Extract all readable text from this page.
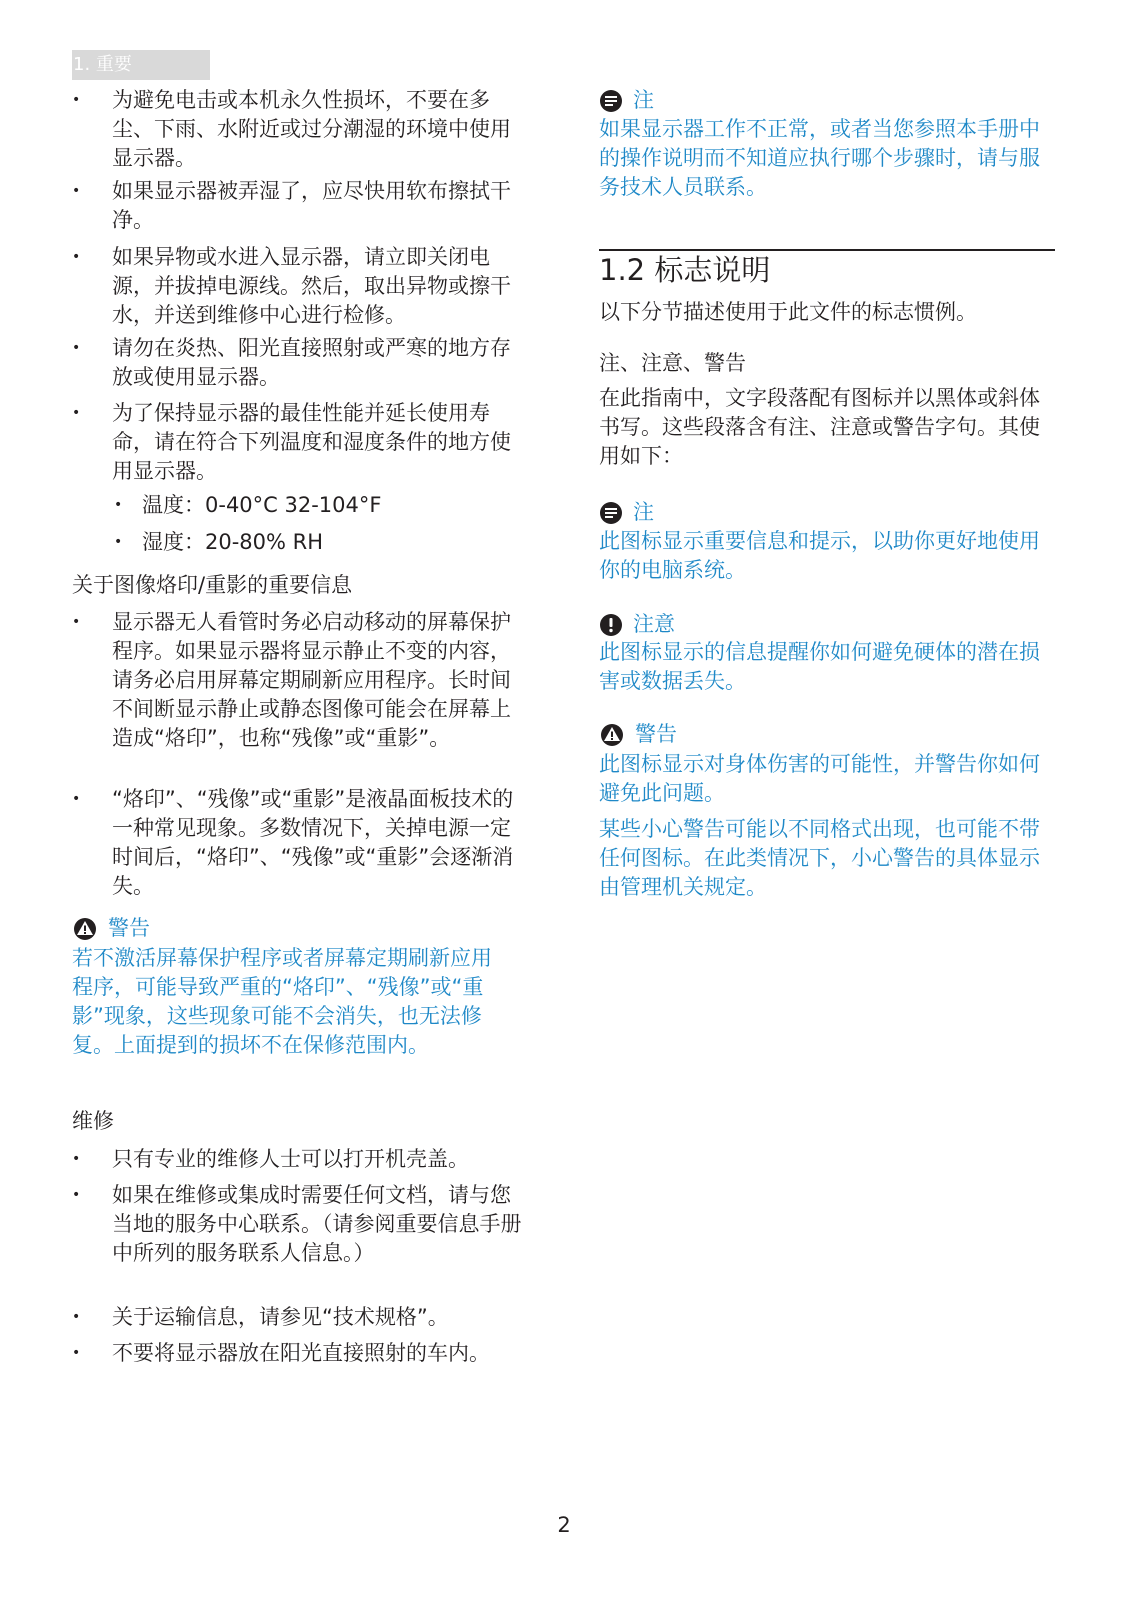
1. 重要

• 为避免电击或本机永久性损坏，不要在多尘、下雨、水附近或过分潮湿的环境中使用显示器。

• 如果显示器被弄湿了，应尽快用软布擦拭干净。

• 如果异物或水进入显示器，请立即关闭电源，并拔掉电源线。然后，取出异物或擦干水，并送到维修中心进行检修。

• 请勿在炎热、阳光直接照射或严寒的地方存放或使用显示器。

• 为了保持显示器的最佳性能并延长使用寿命，请在符合下列温度和湿度条件的地方使用显示器。

• 温度：0-40°C 32-104°F

• 湿度：20-80% RH

关于图像烙印/重影的重要信息

• 显示器无人看管时务必启动移动的屏幕保护程序。如果显示器将显示静止不变的内容，请务必启用屏幕定期刷新应用程序。长时间不间断显示静止或静态图像可能会在屏幕上造成“烙印”，也称“残像”或“重影”。

• “烙印”、“残像”或“重影”是液晶面板技术的一种常见现象。多数情况下，关掉电源一定时间后，“烙印”、“残像”或“重影”会逐渐消失。

警告

若不激活屏幕保护程序或者屏幕定期刷新应用程序，可能导致严重的“烙印”、“残像”或“重影”现象，这些现象可能不会消失，也无法修复。上面提到的损坏不在保修范围内。

维修

• 只有专业的维修人士可以打开机壳盖。

• 如果在维修或集成时需要任何文档，请与您当地的服务中心联系。（请参阅重要信息手册中所列的服务联系人信息。）

• 关于运输信息，请参见“技术规格”。

• 不要将显示器放在阳光直接照射的车内。

注

如果显示器工作不正常，或者当您参照本手册中的操作说明而不知道应执行哪个步骤时，请与服务技术人员联系。

1.2 标志说明

以下分节描述使用于此文件的标志惯例。

注、注意、警告

在此指南中，文字段落配有图标并以黑体或斜体书写。这些段落含有注、注意或警告字句。其使用如下：

注

此图标显示重要信息和提示，以助你更好地使用你的电脑系统。

注意

此图标显示的信息提醒你如何避免硬体的潜在损害或数据丢失。

警告

此图标显示对身体伤害的可能性，并警告你如何避免此问题。

某些小心警告可能以不同格式出现，也可能不带任何图标。在此类情况下，小心警告的具体显示由管理机关规定。

2
